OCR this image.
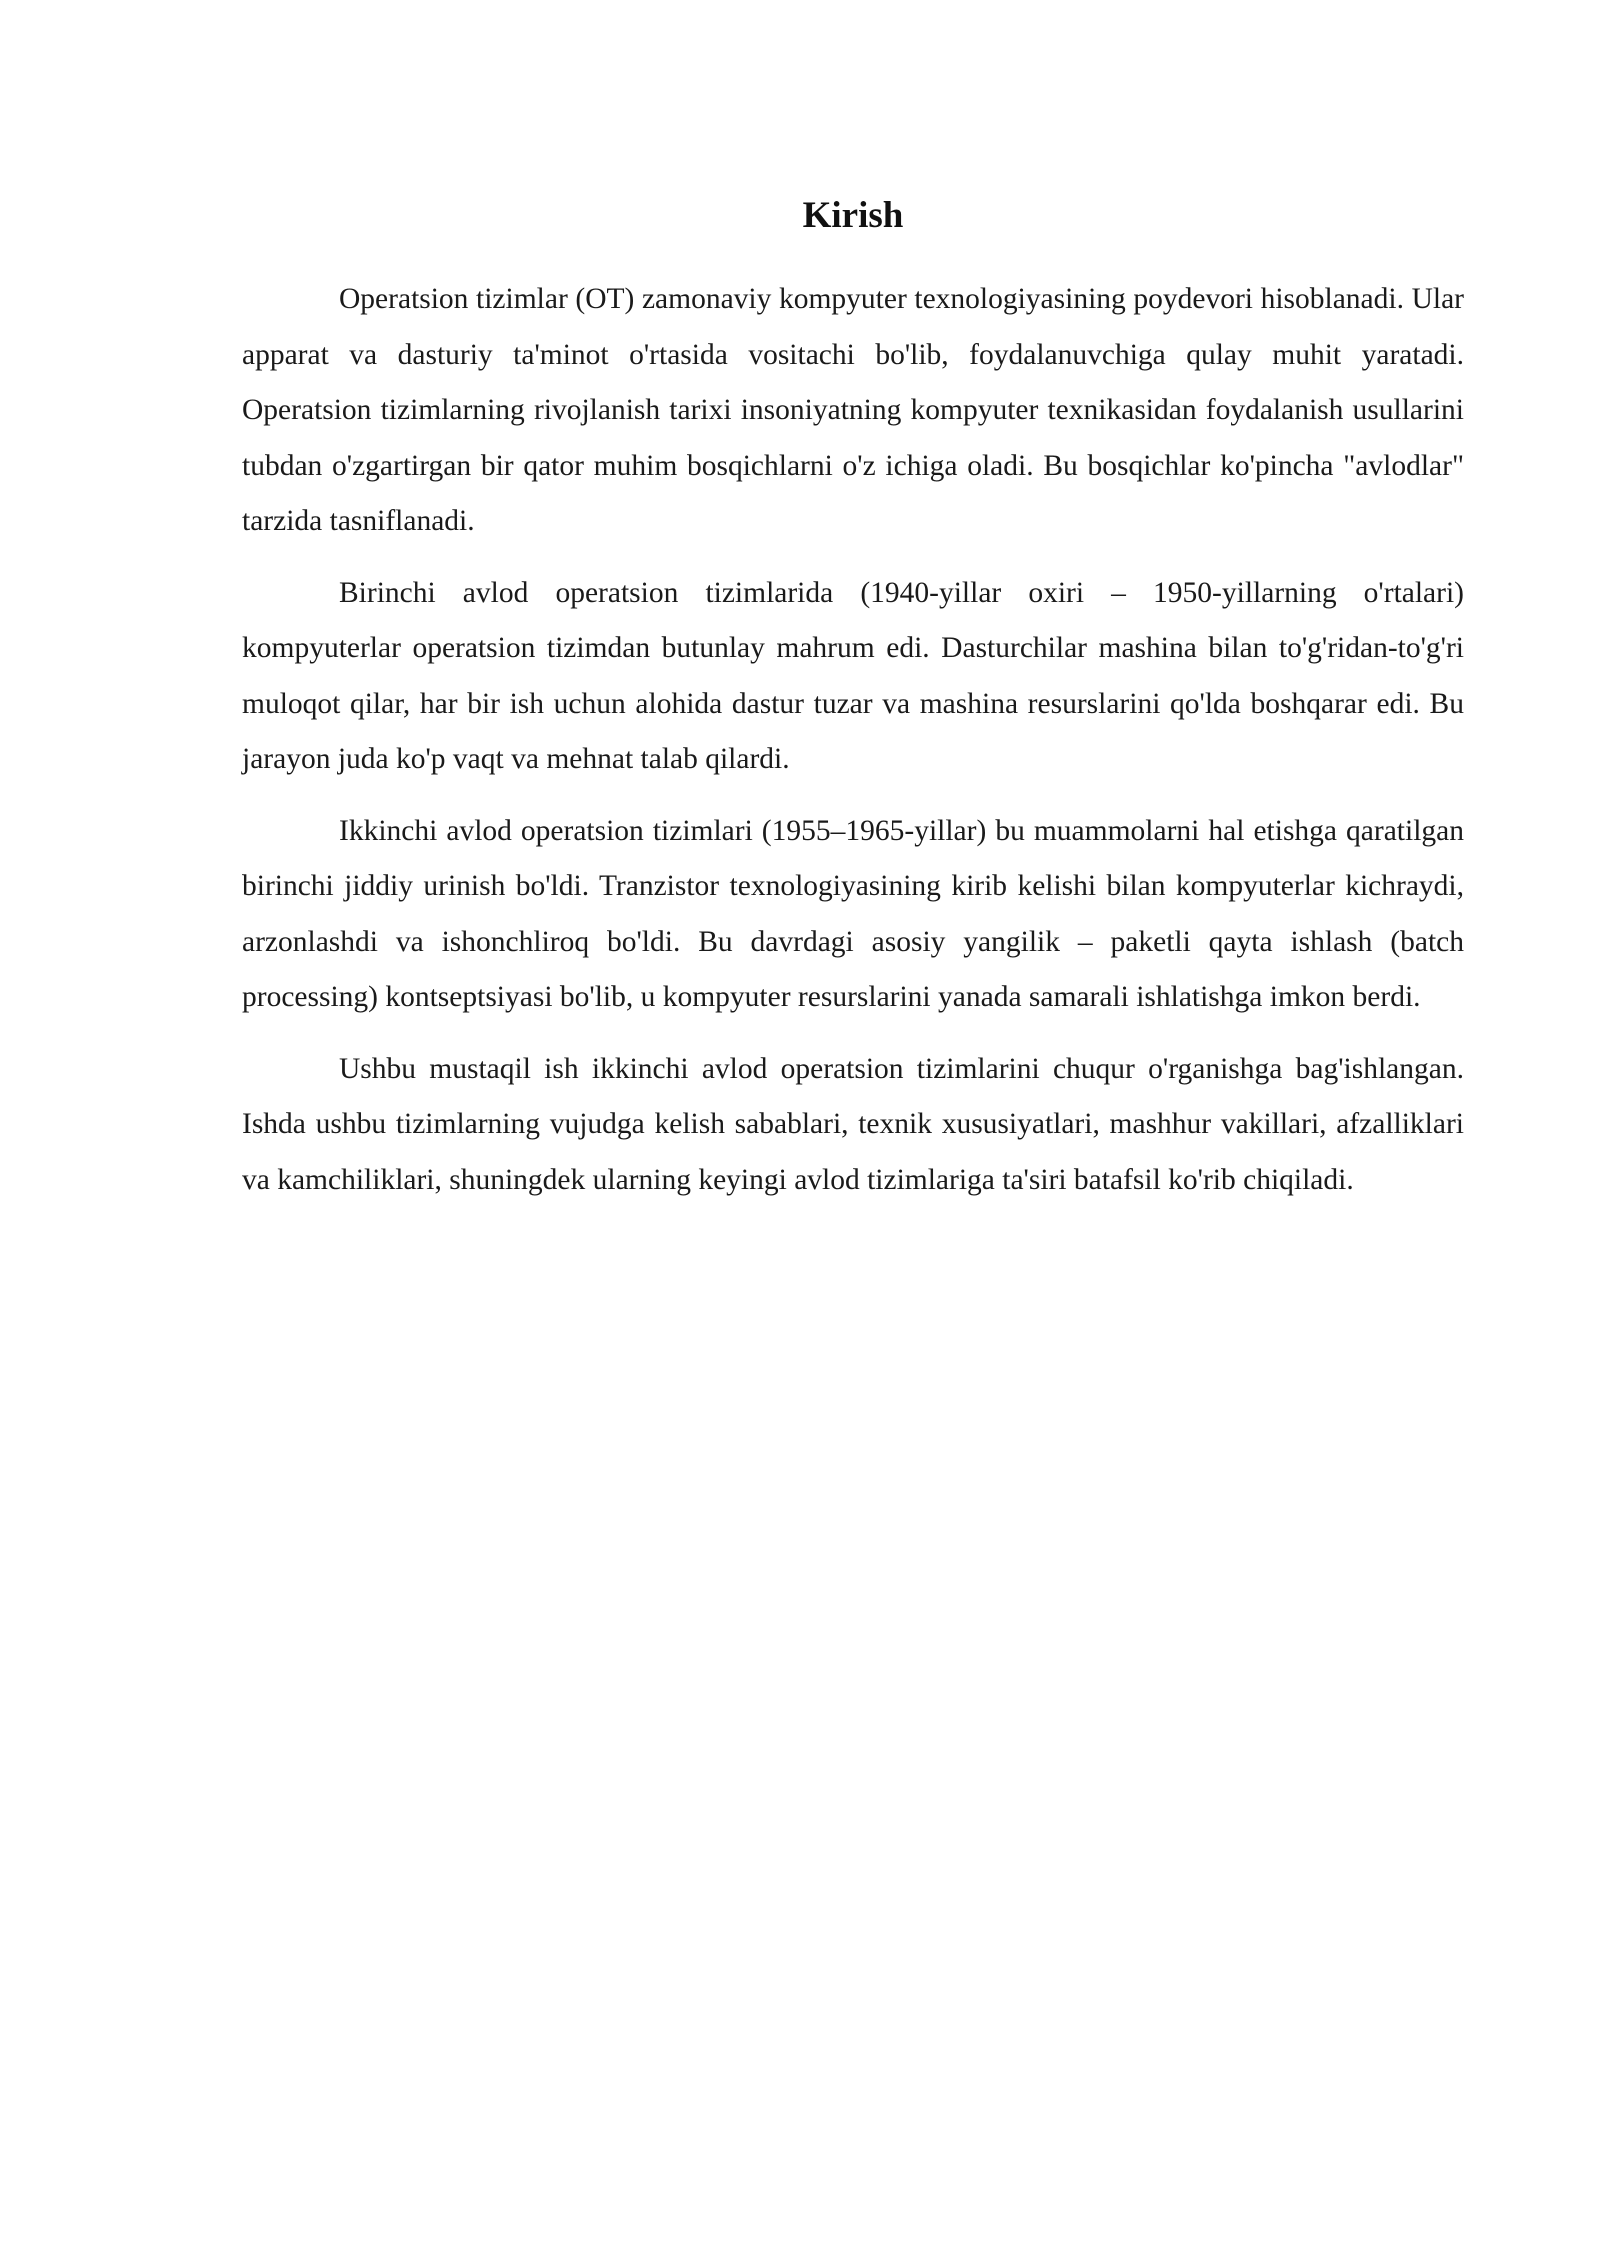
Kirish

Operatsion tizimlar (OT) zamonaviy kompyuter texnologiyasining poydevori hisoblanadi. Ular apparat va dasturiy ta'minot o'rtasida vositachi bo'lib, foydalanuvchiga qulay muhit yaratadi. Operatsion tizimlarning rivojlanish tarixi insoniyatning kompyuter texnikasidan foydalanish usullarini tubdan o'zgartirgan bir qator muhim bosqichlarni o'z ichiga oladi. Bu bosqichlar ko'pincha "avlodlar" tarzida tasniflanadi.

Birinchi avlod operatsion tizimlarida (1940-yillar oxiri – 1950-yillarning o'rtalari) kompyuterlar operatsion tizimdan butunlay mahrum edi. Dasturchilar mashina bilan to'g'ridan-to'g'ri muloqot qilar, har bir ish uchun alohida dastur tuzar va mashina resurslarini qo'lda boshqarar edi. Bu jarayon juda ko'p vaqt va mehnat talab qilardi.

Ikkinchi avlod operatsion tizimlari (1955–1965-yillar) bu muammolarni hal etishga qaratilgan birinchi jiddiy urinish bo'ldi. Tranzistor texnologiyasining kirib kelishi bilan kompyuterlar kichraydi, arzonlashdi va ishonchliroq bo'ldi. Bu davrdagi asosiy yangilik – paketli qayta ishlash (batch processing) kontseptsiyasi bo'lib, u kompyuter resurslarini yanada samarali ishlatishga imkon berdi.

Ushbu mustaqil ish ikkinchi avlod operatsion tizimlarini chuqur o'rganishga bag'ishlangan. Ishda ushbu tizimlarning vujudga kelish sabablari, texnik xususiyatlari, mashhur vakillari, afzalliklari va kamchiliklari, shuningdek ularning keyingi avlod tizimlariga ta'siri batafsil ko'rib chiqiladi.
